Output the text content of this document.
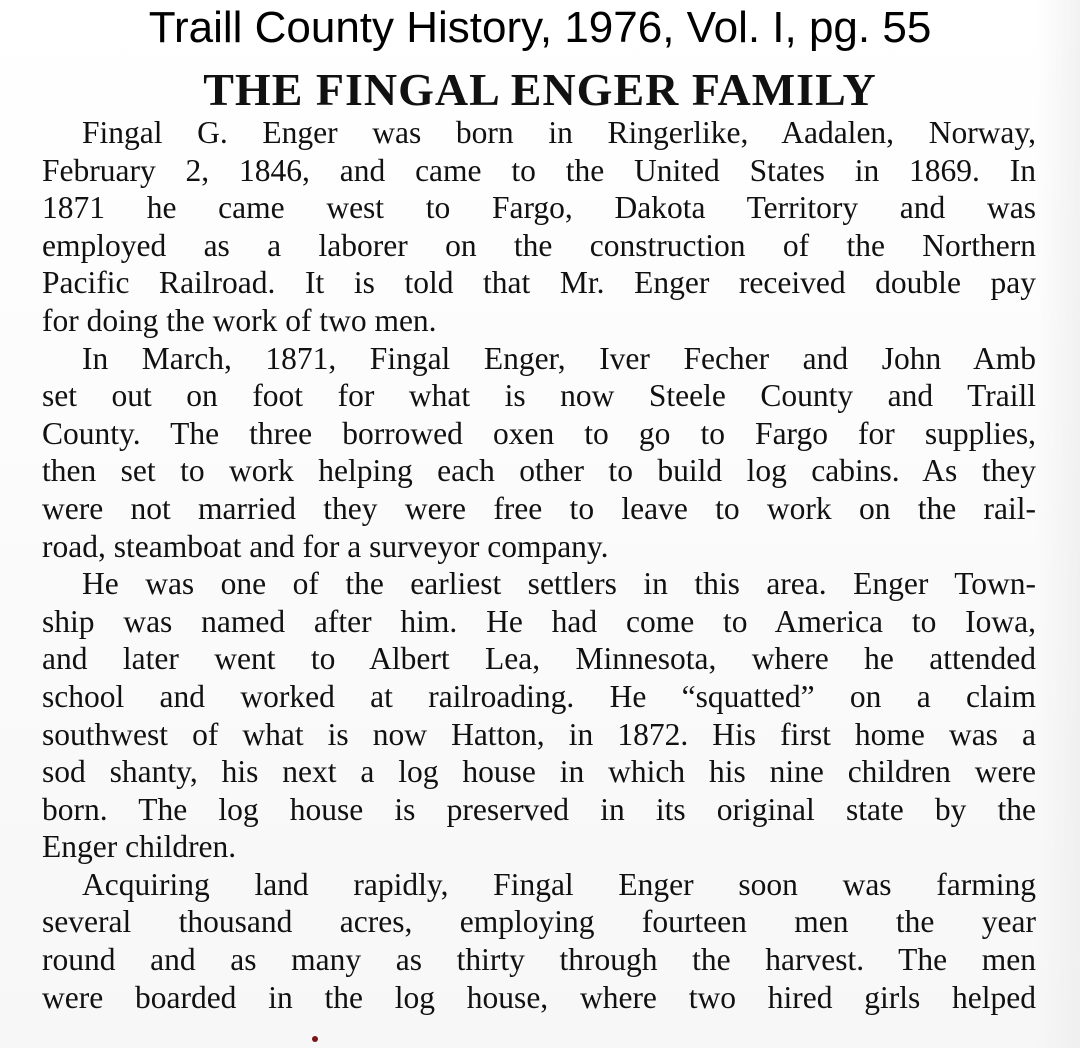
Traill County History, 1976, Vol. I, pg. 55
THE FINGAL ENGER FAMILY
Fingal G. Enger was born in Ringerlike, Aadalen, Norway,
February 2, 1846, and came to the United States in 1869. In
1871 he came west to Fargo, Dakota Territory and was
employed as a laborer on the construction of the Northern
Pacific Railroad. It is told that Mr. Enger received double pay
for doing the work of two men.
In March, 1871, Fingal Enger, Iver Fecher and John Amb
set out on foot for what is now Steele County and Traill
County. The three borrowed oxen to go to Fargo for supplies,
then set to work helping each other to build log cabins. As they
were not married they were free to leave to work on the rail-
road, steamboat and for a surveyor company.
He was one of the earliest settlers in this area. Enger Town-
ship was named after him. He had come to America to Iowa,
and later went to Albert Lea, Minnesota, where he attended
school and worked at railroading. He “squatted” on a claim
southwest of what is now Hatton, in 1872. His first home was a
sod shanty, his next a log house in which his nine children were
born. The log house is preserved in its original state by the
Enger children.
Acquiring land rapidly, Fingal Enger soon was farming
several thousand acres, employing fourteen men the year
round and as many as thirty through the harvest. The men
were boarded in the log house, where two hired girls helped
